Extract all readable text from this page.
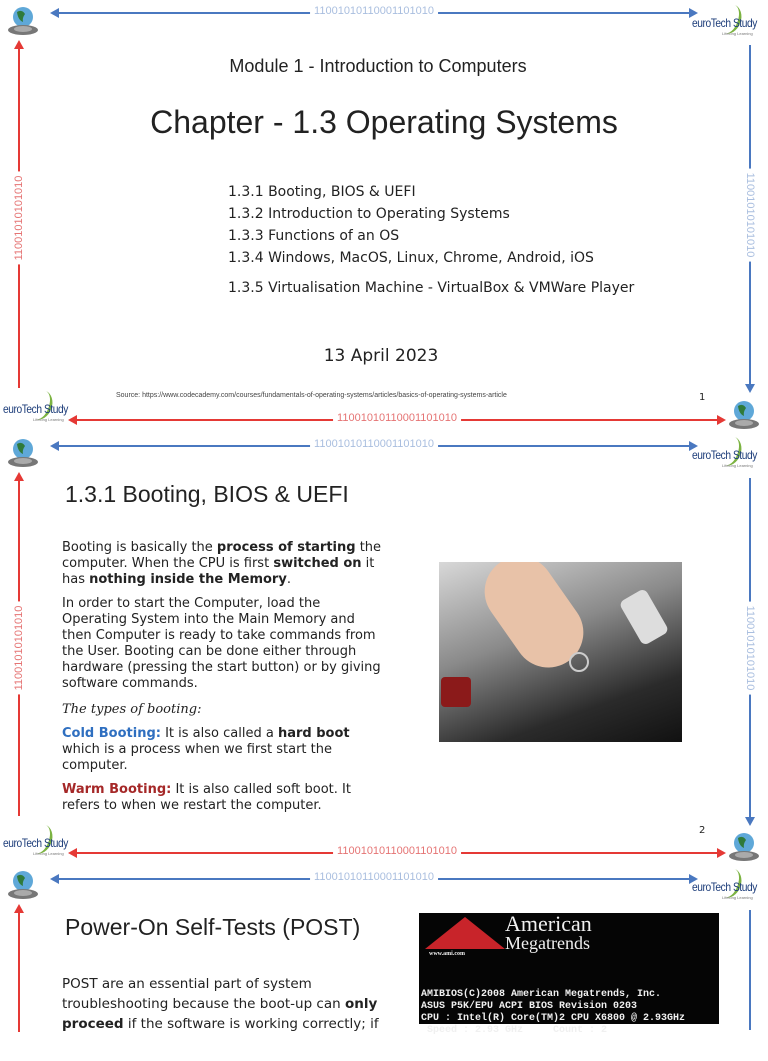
11001010110001101010
euroTech Study
Lifelong Learning
11001010101010	11001010101010
euroTech Study
Lifelong Learning	11001010110001101010
Module 1 - Introduction to Computers
Chapter - 1.3 Operating Systems
1.3.1 Booting, BIOS & UEFI
1.3.2 Introduction to Operating Systems
1.3.3 Functions of an OS
1.3.4 Windows, MacOS, Linux, Chrome, Android, iOS
1.3.5 Virtualisation Machine - VirtualBox & VMWare Player
13 April 2023
Source: https://www.codecademy.com/courses/fundamentals-of-operating-systems/articles/basics-of-operating-systems-article	1
11001010110001101010
euroTech Study
Lifelong Learning
11001010101010	11001010101010
euroTech Study
Lifelong Learning	11001010110001101010
1.3.1 Booting, BIOS & UEFI

Booting is basically the process of starting the computer. When the CPU is first switched on it has nothing inside the Memory.

In order to start the Computer, load the Operating System into the Main Memory and then Computer is ready to take commands from the User. Booting can be done either through hardware (pressing the start button) or by giving software commands.

The types of booting:

Cold Booting: It is also called a hard boot which is a process when we first start the computer.

Warm Booting: It is also called soft boot. It refers to when we restart the computer.

2
11001010110001101010
euroTech Study
Lifelong Learning
Power-On Self-Tests (POST)
POST are an essential part of system troubleshooting because the boot-up can only proceed if the software is working correctly; if
American
Megatrends
www.ami.com

AMIBIOS(C)2008 American Megatrends, Inc.
ASUS P5K/EPU ACPI BIOS Revision 0203
CPU : Intel(R) Core(TM)2 CPU X6800 @ 2.93GHz
Speed : 2.93 GHz     Count : 2
